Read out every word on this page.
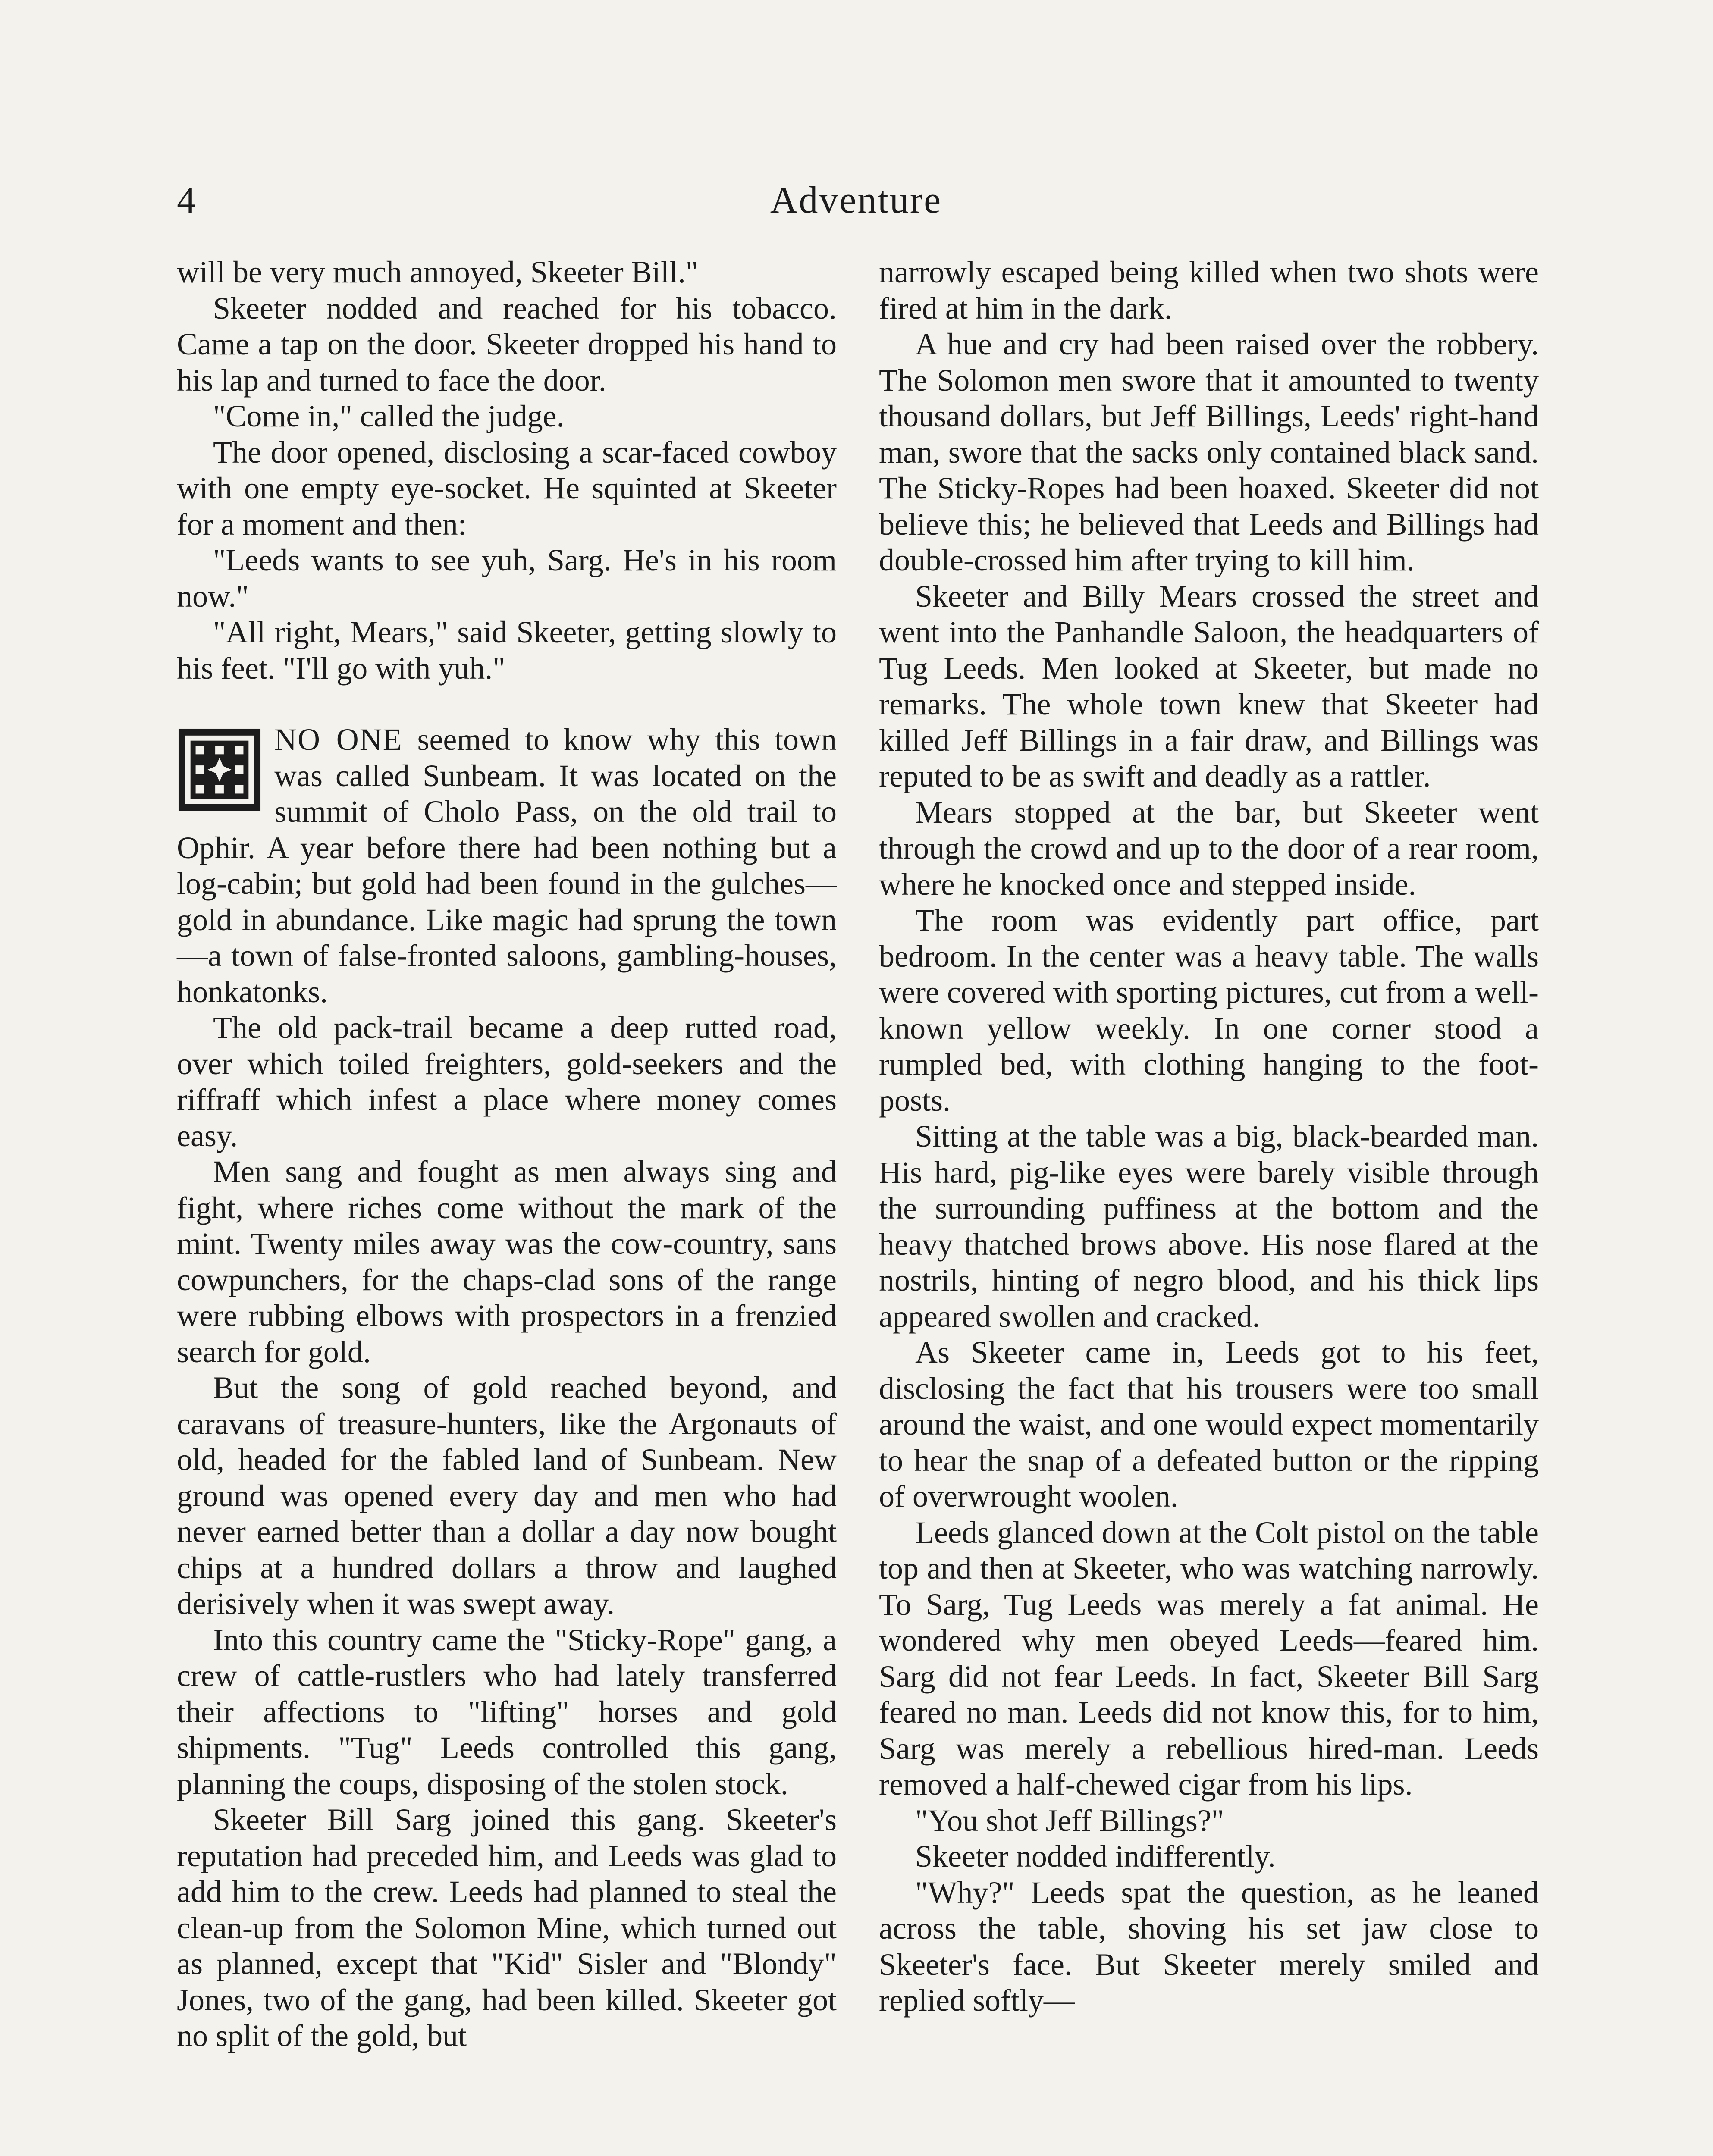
4	Adventure

will be very much annoyed, Skeeter Bill."

Skeeter nodded and reached for his tobacco. Came a tap on the door. Skeeter dropped his hand to his lap and turned to face the door.

"Come in," called the judge.

The door opened, disclosing a scar-faced cowboy with one empty eye-socket. He squinted at Skeeter for a moment and then:

"Leeds wants to see yuh, Sarg. He's in his room now."

"All right, Mears," said Skeeter, getting slowly to his feet. "I'll go with yuh."

NO ONE seemed to know why this town was called Sunbeam. It was located on the summit of Cholo Pass, on the old trail to Ophir. A year before there had been nothing but a log-cabin; but gold had been found in the gulches—gold in abundance. Like magic had sprung the town—a town of false-fronted saloons, gambling-houses, honkatonks.

The old pack-trail became a deep rutted road, over which toiled freighters, gold-seekers and the riffraff which infest a place where money comes easy.

Men sang and fought as men always sing and fight, where riches come without the mark of the mint. Twenty miles away was the cow-country, sans cowpunchers, for the chaps-clad sons of the range were rubbing elbows with prospectors in a frenzied search for gold.

But the song of gold reached beyond, and caravans of treasure-hunters, like the Argonauts of old, headed for the fabled land of Sunbeam. New ground was opened every day and men who had never earned better than a dollar a day now bought chips at a hundred dollars a throw and laughed derisively when it was swept away.

Into this country came the "Sticky-Rope" gang, a crew of cattle-rustlers who had lately transferred their affections to "lifting" horses and gold shipments. "Tug" Leeds controlled this gang, planning the coups, disposing of the stolen stock.

Skeeter Bill Sarg joined this gang. Skeeter's reputation had preceded him, and Leeds was glad to add him to the crew. Leeds had planned to steal the clean-up from the Solomon Mine, which turned out as planned, except that "Kid" Sisler and "Blondy" Jones, two of the gang, had been killed. Skeeter got no split of the gold, but

narrowly escaped being killed when two shots were fired at him in the dark.

A hue and cry had been raised over the robbery. The Solomon men swore that it amounted to twenty thousand dollars, but Jeff Billings, Leeds' right-hand man, swore that the sacks only contained black sand. The Sticky-Ropes had been hoaxed. Skeeter did not believe this; he believed that Leeds and Billings had double-crossed him after trying to kill him.

Skeeter and Billy Mears crossed the street and went into the Panhandle Saloon, the headquarters of Tug Leeds. Men looked at Skeeter, but made no remarks. The whole town knew that Skeeter had killed Jeff Billings in a fair draw, and Billings was reputed to be as swift and deadly as a rattler.

Mears stopped at the bar, but Skeeter went through the crowd and up to the door of a rear room, where he knocked once and stepped inside.

The room was evidently part office, part bedroom. In the center was a heavy table. The walls were covered with sporting pictures, cut from a well-known yellow weekly. In one corner stood a rumpled bed, with clothing hanging to the foot-posts.

Sitting at the table was a big, black-bearded man. His hard, pig-like eyes were barely visible through the surrounding puffiness at the bottom and the heavy thatched brows above. His nose flared at the nostrils, hinting of negro blood, and his thick lips appeared swollen and cracked.

As Skeeter came in, Leeds got to his feet, disclosing the fact that his trousers were too small around the waist, and one would expect momentarily to hear the snap of a defeated button or the ripping of overwrought woolen.

Leeds glanced down at the Colt pistol on the table top and then at Skeeter, who was watching narrowly. To Sarg, Tug Leeds was merely a fat animal. He wondered why men obeyed Leeds—feared him. Sarg did not fear Leeds. In fact, Skeeter Bill Sarg feared no man. Leeds did not know this, for to him, Sarg was merely a rebellious hired-man. Leeds removed a half-chewed cigar from his lips.

"You shot Jeff Billings?"

Skeeter nodded indifferently.

"Why?" Leeds spat the question, as he leaned across the table, shoving his set jaw close to Skeeter's face. But Skeeter merely smiled and replied softly—
